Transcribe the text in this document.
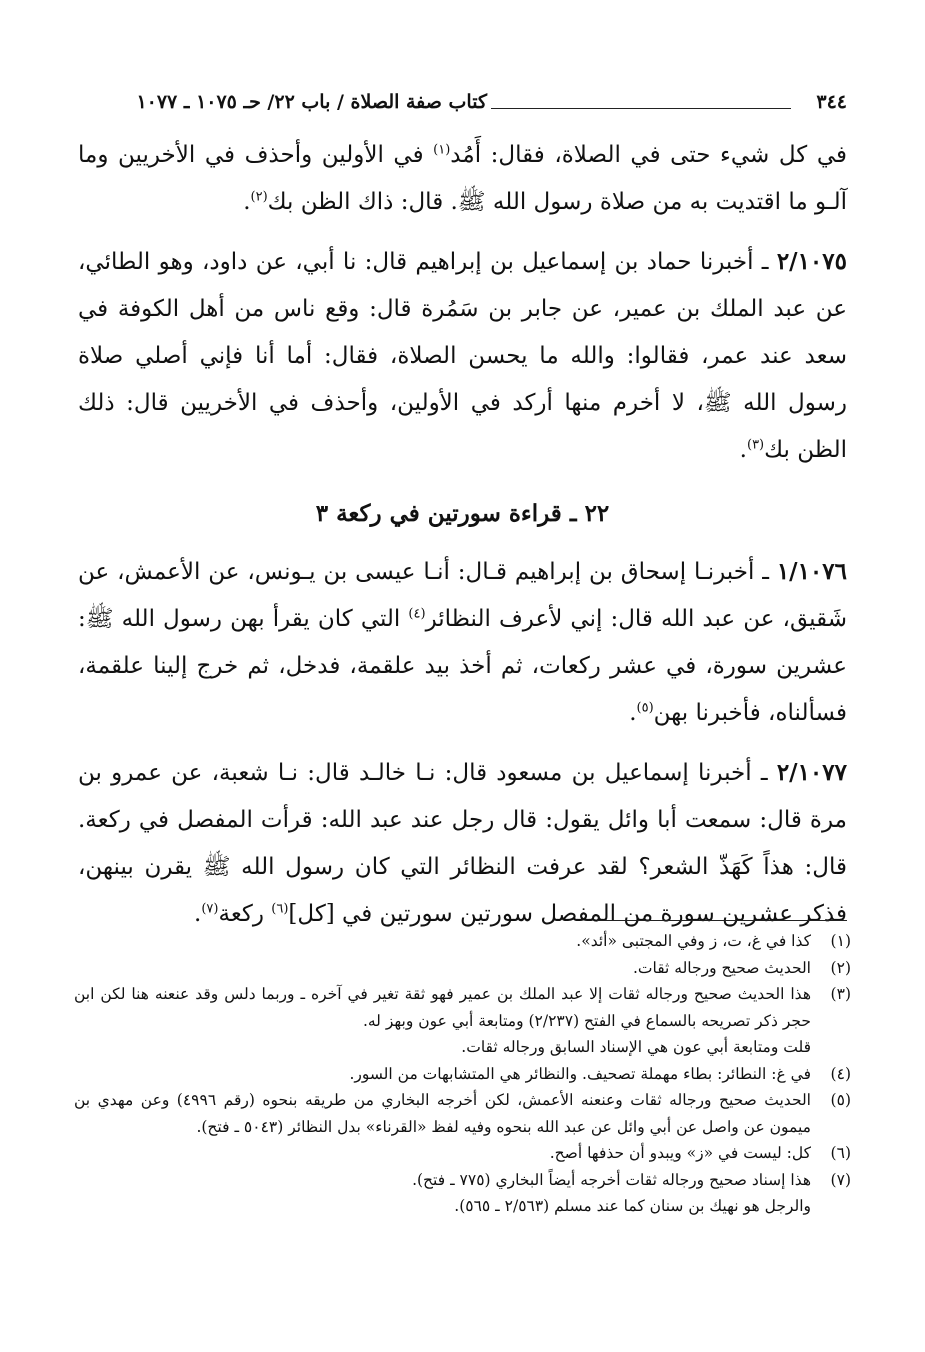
٣٤٤
كتاب صفة الصلاة / باب ٢٢/ حـ ١٠٧٥ ـ ١٠٧٧

في كل شيء حتى في الصلاة، فقال: أَمُد$^{(١)}$ في الأولين وأحذف في الأخريين وما آلـو ما اقتديت به من صلاة رسول الله ﷺ. قال: ذاك الظن بك$^{(٢)}$.

٢/١٠٧٥ ـ أخبرنا حماد بن إسماعيل بن إبراهيم قال: نا أبي، عن داود، وهو الطائي، عن عبد الملك بن عمير، عن جابر بن سَمُرة قال: وقع ناس من أهل الكوفة في سعد عند عمر، فقالوا: والله ما يحسن الصلاة، فقال: أما أنا فإني أصلي صلاة رسول الله ﷺ، لا أخرم منها أركد في الأولين، وأحذف في الأخريين قال: ذلك الظن بك$^{(٣)}$.

٢٢ ـ قراءة سورتين في ركعة ٣

١/١٠٧٦ ـ أخبرنـا إسحاق بن إبراهيم قـال: أنـا عيسى بن يـونس، عن الأعمش، عن شَقيق، عن عبد الله قال: إني لأعرف النظائر$^{(٤)}$ التي كان يقرأ بهن رسول الله ﷺ: عشرين سورة، في عشر ركعات، ثم أخذ بيد علقمة، فدخل، ثم خرج إلينا علقمة، فسألناه، فأخبرنا بهن$^{(٥)}$.

٢/١٠٧٧ ـ أخبرنا إسماعيل بن مسعود قال: نـا خالـد قال: نـا شعبة، عن عمرو بن مرة قال: سمعت أبا وائل يقول: قال رجل عند عبد الله: قرأت المفصل في ركعة. قال: هذاً كَهَذّ الشعر؟ لقد عرفت النظائر التي كان رسول الله ﷺ يقرن بينهن، فذكر عشرين سورة من المفصل سورتين سورتين في [كل]$^{(٦)}$ ركعة$^{(٧)}$.

(١)
كذا في غ، ت، ز وفي المجتبى «أئد».
(٢)
الحديث صحيح ورجاله ثقات.
(٣)
هذا الحديث صحيح ورجاله ثقات إلا عبد الملك بن عمير فهو ثقة تغير في آخره ـ وربما دلس وقد عنعنه هنا لكن ابن حجر ذكر تصريحه بالسماع في الفتح (٢/٢٣٧) ومتابعة أبي عون وبهز له.
قلت ومتابعة أبي عون هي الإسناد السابق ورجاله ثقات.
(٤)
في غ: النطائر: بطاء مهملة تصحيف. والنظائر هي المتشابهات من السور.
(٥)
الحديث صحيح ورجاله ثقات وعنعنه الأعمش، لكن أخرجه البخاري من طريقه بنحوه (رقم ٤٩٩٦) وعن مهدي بن ميمون عن واصل عن أبي وائل عن عبد الله بنحوه وفيه لفظ «القرناء» بدل النظائر (٥٠٤٣ ـ فتح).
(٦)
كل: ليست في «ز» ويبدو أن حذفها أصح.
(٧)
هذا إسناد صحيح ورجاله ثقات أخرجه أيضاً البخاري (٧٧٥ ـ فتح).
والرجل هو نهيك بن سنان كما عند مسلم (٢/٥٦٣ ـ ٥٦٥).
